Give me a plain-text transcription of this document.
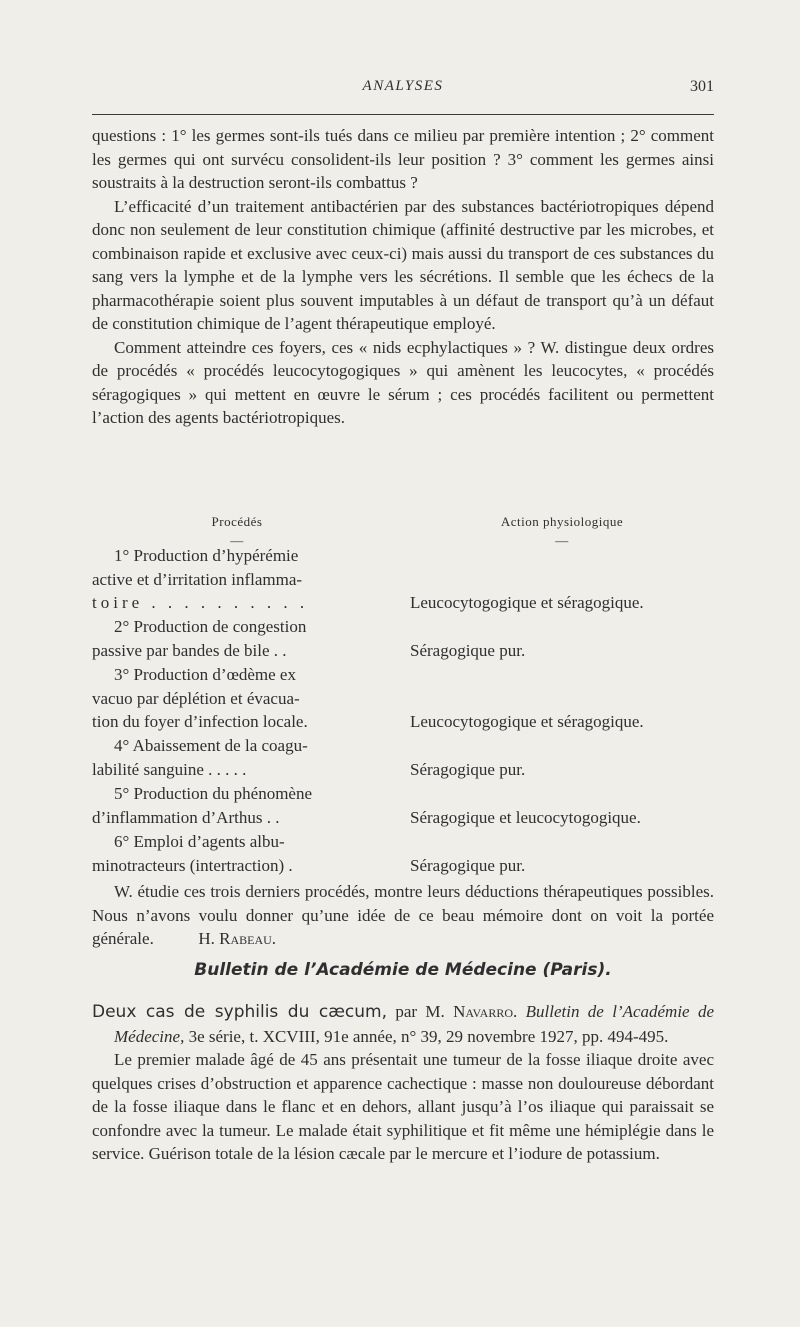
ANALYSES	301

questions : 1° les germes sont-ils tués dans ce milieu par première intention ; 2° comment les germes qui ont survécu consolident-ils leur position ? 3° comment les germes ainsi soustraits à la destruction seront-ils combattus ?

L’efficacité d’un traitement antibactérien par des substances bactériotropiques dépend donc non seulement de leur constitution chimique (affinité destructive par les microbes, et combinaison rapide et exclusive avec ceux-ci) mais aussi du transport de ces substances du sang vers la lymphe et de la lymphe vers les sécrétions. Il semble que les échecs de la pharmacothérapie soient plus souvent imputables à un défaut de transport qu’à un défaut de constitution chimique de l’agent thérapeutique employé.

Comment atteindre ces foyers, ces « nids ecphylactiques » ? W. distingue deux ordres de procédés « procédés leucocytogogiques » qui amènent les leucocytes, « procédés séragogiques » qui mettent en œuvre le sérum ; ces procédés facilitent ou permettent l’action des agents bactériotropiques.

Procédés
—
Action physiologique
—

1° Production d’hypérémie

active et d’irritation inflamma-

toire . . . . . . . . . .	Leucocytogogique et séragogique.

2° Production de congestion

passive par bandes de bile . .	Séragogique pur.

3° Production d’œdème ex

vacuo par déplétion et évacua-

tion du foyer d’infection locale.	Leucocytogogique et séragogique.

4° Abaissement de la coagu-

labilité sanguine . . . . .	Séragogique pur.

5° Production du phénomène

d’inflammation d’Arthus . .	Séragogique et leucocytogogique.

6° Emploi d’agents albu-

minotracteurs (intertraction) .	Séragogique pur.

W. étudie ces trois derniers procédés, montre leurs déductions thérapeutiques possibles. Nous n’avons voulu donner qu’une idée de ce beau mémoire dont on voit la portée générale.	H. Rabeau.

Bulletin de l’Académie de Médecine (Paris).

Deux cas de syphilis du cæcum, par M. Navarro. Bulletin de l’Académie de Médecine, 3e série, t. XCVIII, 91e année, n° 39, 29 novembre 1927, pp. 494-495.

Le premier malade âgé de 45 ans présentait une tumeur de la fosse iliaque droite avec quelques crises d’obstruction et apparence cachectique : masse non douloureuse débordant de la fosse iliaque dans le flanc et en dehors, allant jusqu’à l’os iliaque qui paraissait se confondre avec la tumeur. Le malade était syphilitique et fit même une hémiplégie dans le service. Guérison totale de la lésion cæcale par le mercure et l’iodure de potassium.
